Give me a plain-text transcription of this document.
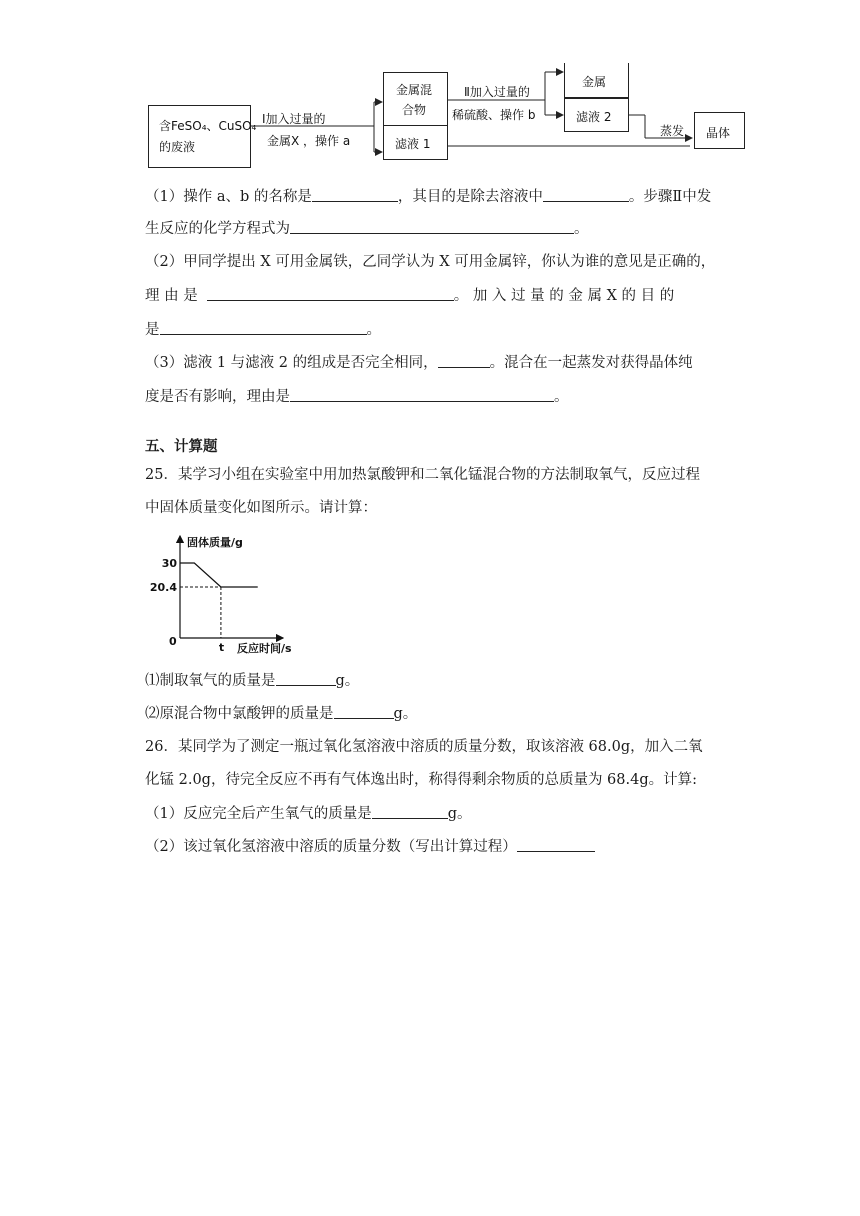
含FeSO₄、CuSO₄
的废液
Ⅰ加入过量的
金属X ，操作 a
金属混
合物
滤液 1
Ⅱ加入过量的
稀硫酸、操作 b
金属
滤液 2
蒸发 晶体
（1）操作 a、b 的名称是	，其目的是除去溶液中	。步骤Ⅱ中发
生反应的化学方程式为	。
（2）甲同学提出 X 可用金属铁，乙同学认为 X 可用金属锌，你认为谁的意见是正确的，
理 由 是	。 加 入 过 量 的 金 属 X 的 目 的
是	。
（3）滤液 1 与滤液 2 的组成是否完全相同，	。混合在一起蒸发对获得晶体纯
度是否有影响，理由是	。
五、计算题
25．某学习小组在实验室中用加热氯酸钾和二氧化锰混合物的方法制取氧气，反应过程
中固体质量变化如图所示。请计算：
固体质量/g
反应时间/s
0
30
20.4
t
⑴制取氧气的质量是	g。
⑵原混合物中氯酸钾的质量是	g。
26．某同学为了测定一瓶过氧化氢溶液中溶质的质量分数，取该溶液 68.0g，加入二氧
化锰 2.0g，待完全反应不再有气体逸出时，称得得剩余物质的总质量为 68.4g。计算:
（1）反应完全后产生氧气的质量是	g。
（2）该过氧化氢溶液中溶质的质量分数（写出计算过程）
